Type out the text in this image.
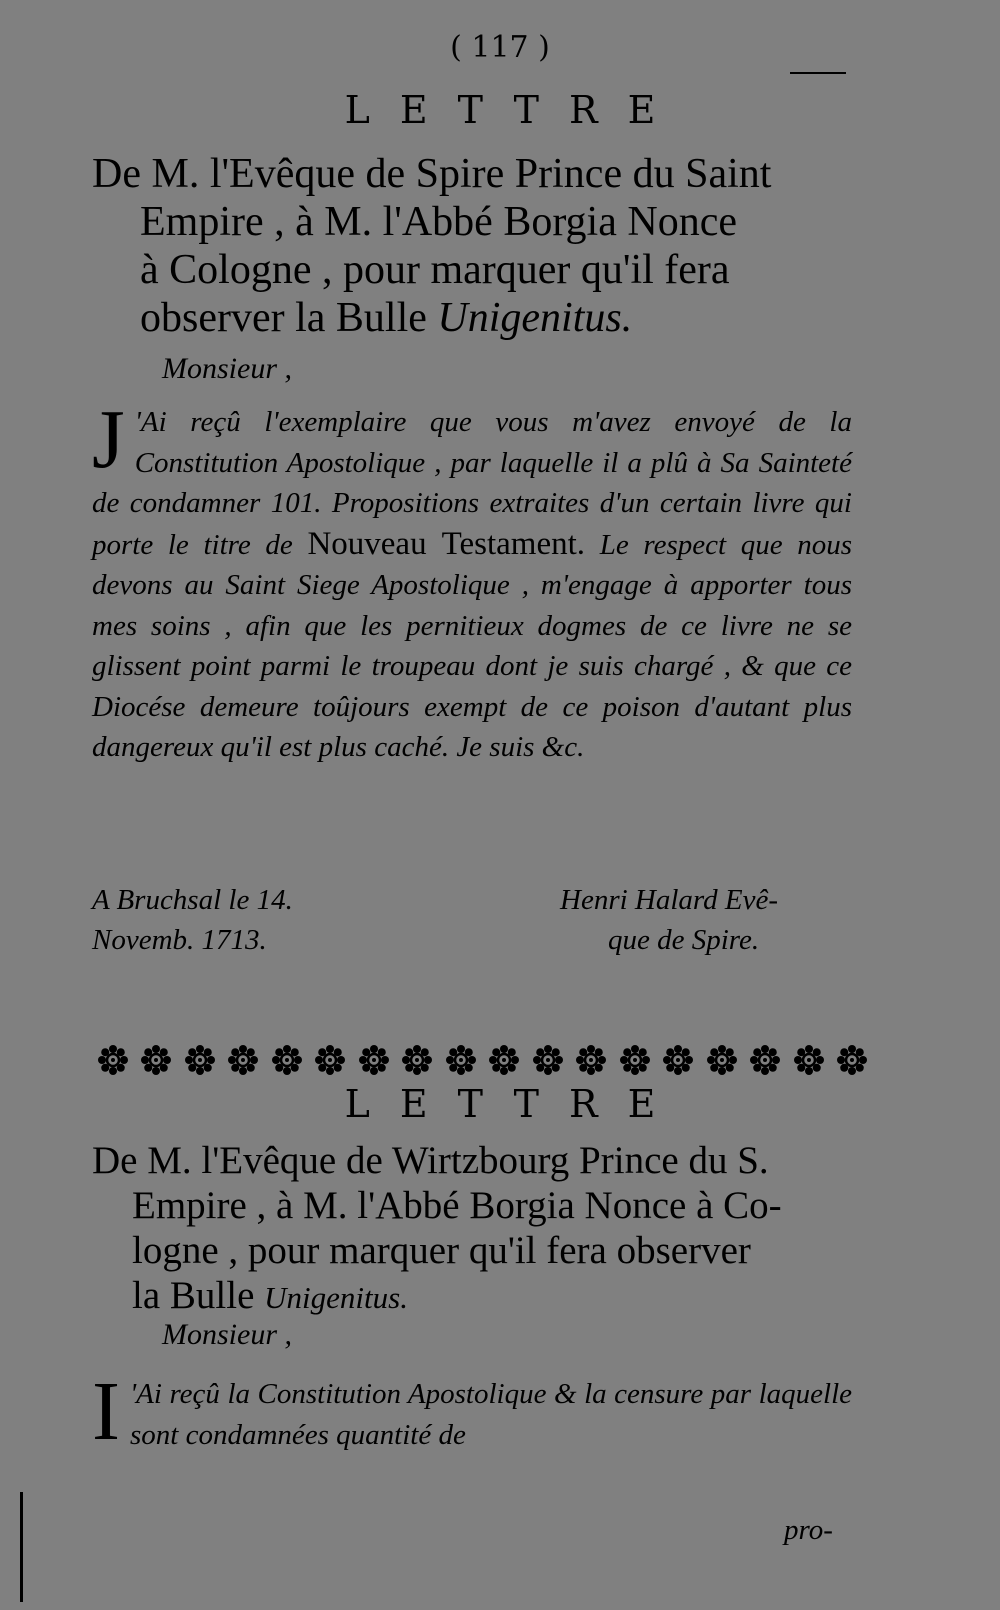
( 117 )
LETTRE
De M. l'Evêque de Spire Prince du Saint
Empire , à M. l'Abbé Borgia Nonce
à Cologne , pour marquer qu'il fera
observer la Bulle Unigenitus.
Monsieur ,
J 'Ai reçû l'exemplaire que vous m'avez envoyé de la Constitution Apostolique , par laquelle il a plû à Sa Sainteté de condamner 101. Propositions extraites d'un certain livre qui porte le titre de Nouveau Testament. Le respect que nous devons au Saint Siege Apostolique , m'engage à apporter tous mes soins , afin que les pernitieux dogmes de ce livre ne se glissent point parmi le troupeau dont je suis chargé , & que ce Diocése demeure toûjours exempt de ce poison d'autant plus dangereux qu'il est plus caché. Je suis &c.
A Bruchsal le 14.
Novemb. 1713.
Henri Halard Evê-
que de Spire.
LETTRE
De M. l'Evêque de Wirtzbourg Prince du S.
Empire , à M. l'Abbé Borgia Nonce à Co-
logne , pour marquer qu'il fera observer
la Bulle Unigenitus.
Monsieur ,
I 'Ai reçû la Constitution Apostolique & la censure par laquelle sont condamnées quantité de
pro-
